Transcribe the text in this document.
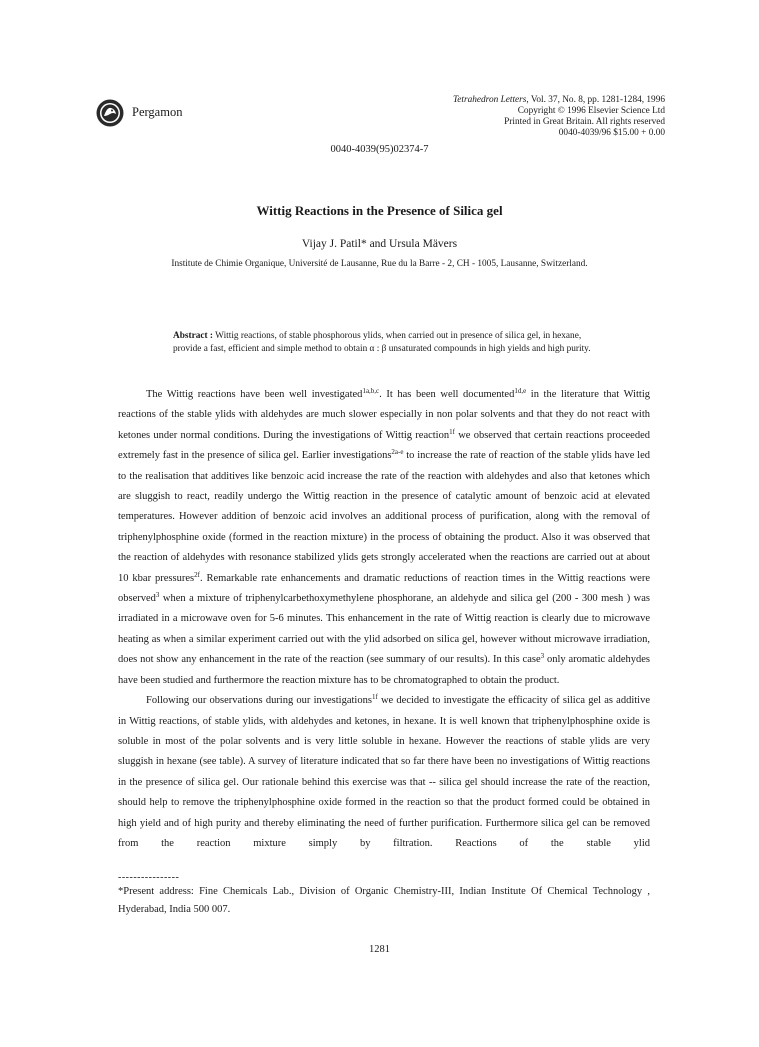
Pergamon
Tetrahedron Letters, Vol. 37, No. 8, pp. 1281-1284, 1996
Copyright © 1996 Elsevier Science Ltd
Printed in Great Britain. All rights reserved
0040-4039/96 $15.00 + 0.00
0040-4039(95)02374-7
Wittig Reactions in the Presence of Silica gel
Vijay J. Patil* and Ursula Mävers
Institute de Chimie Organique, Université de Lausanne, Rue du la Barre - 2, CH - 1005, Lausanne, Switzerland.
Abstract : Wittig reactions, of stable phosphorous ylids, when carried out in presence of silica gel, in hexane, provide a fast, efficient and simple method to obtain α : β unsaturated compounds in high yields and high purity.

The Wittig reactions have been well investigated$^{1a,b,c}$. It has been well documented$^{1d,e}$ in the literature that Wittig reactions of the stable ylids with aldehydes are much slower especially in non polar solvents and that they do not react with ketones under normal conditions. During the investigations of Wittig reaction$^{1f}$ we observed that certain reactions proceeded extremely fast in the presence of silica gel. Earlier investigations$^{2a-e}$ to increase the rate of reaction of the stable ylids have led to the realisation that additives like benzoic acid increase the rate of the reaction with aldehydes and also that ketones which are sluggish to react, readily undergo the Wittig reaction in the presence of catalytic amount of benzoic acid at elevated temperatures. However addition of benzoic acid involves an additional process of purification, along with the removal of triphenylphosphine oxide (formed in the reaction mixture) in the process of obtaining the product. Also it was observed that the reaction of aldehydes with resonance stabilized ylids gets strongly accelerated when the reactions are carried out at about 10 kbar pressures$^{2f}$. Remarkable rate enhancements and dramatic reductions of reaction times in the Wittig reactions were observed$^3$ when a mixture of triphenylcarbethoxymethylene phosphorane, an aldehyde and silica gel (200 - 300 mesh ) was irradiated in a microwave oven for 5-6 minutes. This enhancement in the rate of Wittig reaction is clearly due to microwave heating as when a similar experiment carried out with the ylid adsorbed on silica gel, however without microwave irradiation, does not show any enhancement in the rate of the reaction (see summary of our results). In this case$^3$ only aromatic aldehydes have been studied and furthermore the reaction mixture has to be chromatographed to obtain the product.

Following our observations during our investigations$^{1f}$ we decided to investigate the efficacity of silica gel as additive in Wittig reactions, of stable ylids, with aldehydes and ketones, in hexane. It is well known that triphenylphosphine oxide is soluble in most of the polar solvents and is very little soluble in hexane. However the reactions of stable ylids are very sluggish in hexane (see table). A survey of literature indicated that so far there have been no investigations of Wittig reactions in the presence of silica gel. Our rationale behind this exercise was that -- silica gel should increase the rate of the reaction, should help to remove the triphenylphosphine oxide formed in the reaction so that the product formed could be obtained in high yield and of high purity and thereby eliminating the need of further purification. Furthermore silica gel can be removed from the reaction mixture simply by filtration. Reactions of the stable ylid

----------------
*Present address: Fine Chemicals Lab., Division of Organic Chemistry-III, Indian Institute Of Chemical Technology , Hyderabad, India 500 007.
1281
